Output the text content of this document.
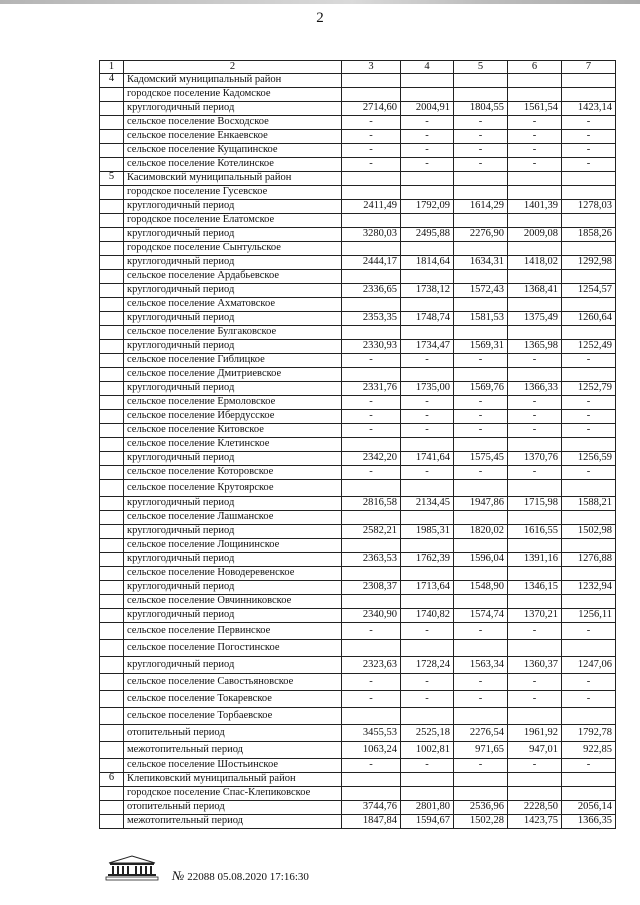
2
1	2	3	4	5	6	7
4	Кадомский муниципальный район					
	городское поселение Кадомское					
	круглогодичный период	2714,60	2004,91	1804,55	1561,54	1423,14
	сельское поселение Восходское	-	-	-	-	-
	сельское поселение Енкаевское	-	-	-	-	-
	сельское поселение Кущапинское	-	-	-	-	-
	сельское поселение Котелинское	-	-	-	-	-
5	Касимовский муниципальный район					
	городское поселение Гусевское					
	круглогодичный период	2411,49	1792,09	1614,29	1401,39	1278,03
	городское поселение Елатомское					
	круглогодичный период	3280,03	2495,88	2276,90	2009,08	1858,26
	городское поселение Сынтульское					
	круглогодичный период	2444,17	1814,64	1634,31	1418,02	1292,98
	сельское поселение Ардабьевское					
	круглогодичный период	2336,65	1738,12	1572,43	1368,41	1254,57
	сельское поселение Ахматовское					
	круглогодичный период	2353,35	1748,74	1581,53	1375,49	1260,64
	сельское поселение Булгаковское					
	круглогодичный период	2330,93	1734,47	1569,31	1365,98	1252,49
	сельское поселение Гиблицкое	-	-	-	-	-
	сельское поселение Дмитриевское					
	круглогодичный период	2331,76	1735,00	1569,76	1366,33	1252,79
	сельское поселение Ермоловское	-	-	-	-	-
	сельское поселение Ибердусское	-	-	-	-	-
	сельское поселение Китовское	-	-	-	-	-
	сельское поселение Клетинское					
	круглогодичный период	2342,20	1741,64	1575,45	1370,76	1256,59
	сельское поселение Которовское	-	-	-	-	-
	сельское поселение Крутоярское					
	круглогодичный период	2816,58	2134,45	1947,86	1715,98	1588,21
	сельское поселение Лашманское					
	круглогодичный период	2582,21	1985,31	1820,02	1616,55	1502,98
	сельское поселение Лощининское					
	круглогодичный период	2363,53	1762,39	1596,04	1391,16	1276,88
	сельское поселение Новодеревенское					
	круглогодичный период	2308,37	1713,64	1548,90	1346,15	1232,94
	сельское поселение Овчинниковское					
	круглогодичный период	2340,90	1740,82	1574,74	1370,21	1256,11
	сельское поселение Первинское	-	-	-	-	-
	сельское поселение Погостинское					
	круглогодичный период	2323,63	1728,24	1563,34	1360,37	1247,06
	сельское поселение Савостьяновское	-	-	-	-	-
	сельское поселение Токаревское	-	-	-	-	-
	сельское поселение Торбаевское					
	отопительный период	3455,53	2525,18	2276,54	1961,92	1792,78
	межотопительный период	1063,24	1002,81	971,65	947,01	922,85
	сельское поселение Шостьинское	-	-	-	-	-
6	Клепиковский муниципальный район					
	городское поселение Спас-Клепиковское					
	отопительный период	3744,76	2801,80	2536,96	2228,50	2056,14
	межотопительный период	1847,84	1594,67	1502,28	1423,75	1366,35
№ 22088 05.08.2020 17:16:30
